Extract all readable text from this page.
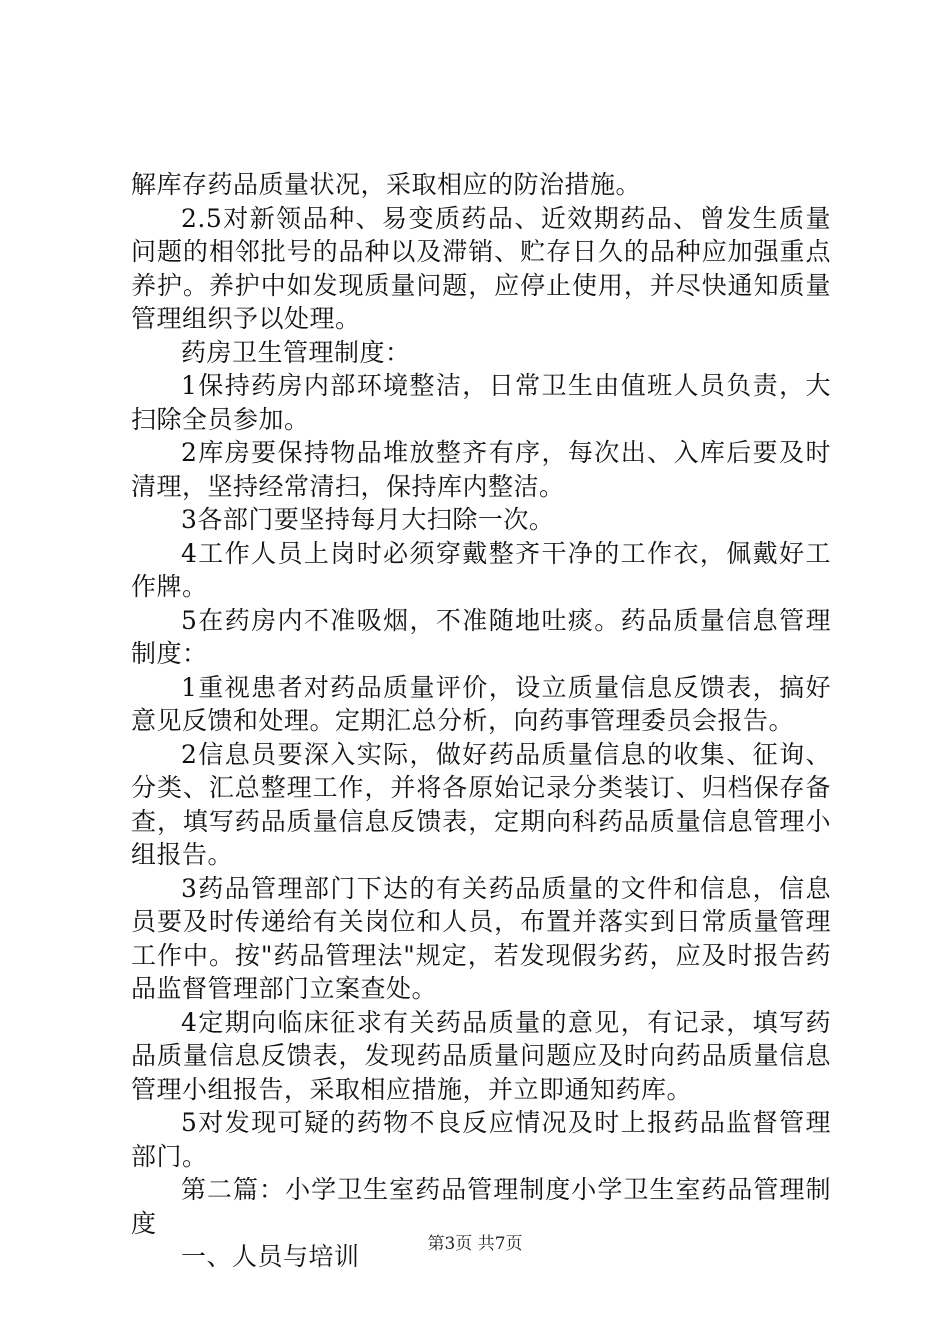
解库存药品质量状况，采取相应的防治措施。

2.5对新领品种、易变质药品、近效期药品、曾发生质量问题的相邻批号的品种以及滞销、贮存日久的品种应加强重点养护。养护中如发现质量问题，应停止使用，并尽快通知质量管理组织予以处理。

药房卫生管理制度：

1保持药房内部环境整洁，日常卫生由值班人员负责，大扫除全员参加。

2库房要保持物品堆放整齐有序，每次出、入库后要及时清理，坚持经常清扫，保持库内整洁。

3各部门要坚持每月大扫除一次。

4工作人员上岗时必须穿戴整齐干净的工作衣，佩戴好工作牌。

5在药房内不准吸烟，不准随地吐痰。药品质量信息管理制度：

1重视患者对药品质量评价，设立质量信息反馈表，搞好意见反馈和处理。定期汇总分析，向药事管理委员会报告。

2信息员要深入实际，做好药品质量信息的收集、征询、分类、汇总整理工作，并将各原始记录分类装订、归档保存备查，填写药品质量信息反馈表，定期向科药品质量信息管理小组报告。

3药品管理部门下达的有关药品质量的文件和信息，信息员要及时传递给有关岗位和人员，布置并落实到日常质量管理工作中。按"药品管理法"规定，若发现假劣药，应及时报告药品监督管理部门立案查处。

4定期向临床征求有关药品质量的意见，有记录，填写药品质量信息反馈表，发现药品质量问题应及时向药品质量信息管理小组报告，采取相应措施，并立即通知药库。

5对发现可疑的药物不良反应情况及时上报药品监督管理部门。

第二篇：小学卫生室药品管理制度小学卫生室药品管理制度

一、人员与培训	第3页 共7页
